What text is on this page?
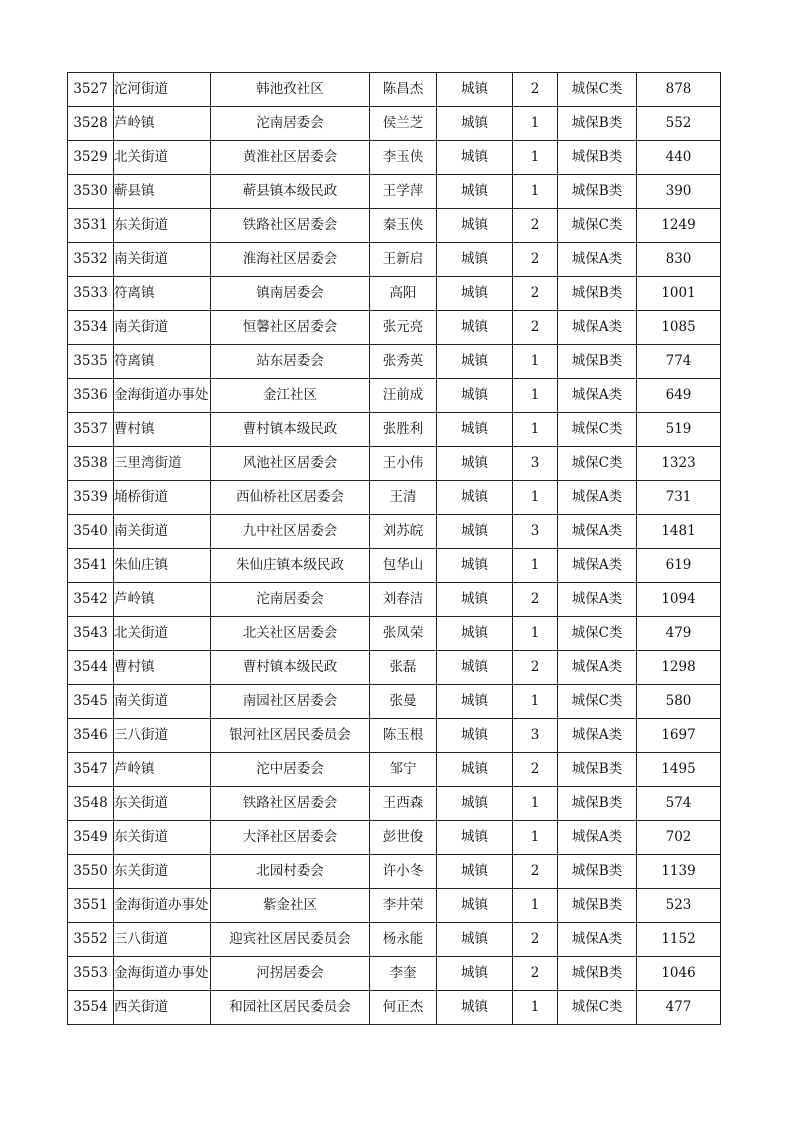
3527	沱河街道	韩池孜社区	陈昌杰	城镇	2	城保C类	878
3528	芦岭镇	沱南居委会	侯兰芝	城镇	1	城保B类	552
3529	北关街道	黄淮社区居委会	李玉侠	城镇	1	城保B类	440
3530	蕲县镇	蕲县镇本级民政	王学萍	城镇	1	城保B类	390
3531	东关街道	铁路社区居委会	秦玉侠	城镇	2	城保C类	1249
3532	南关街道	淮海社区居委会	王新启	城镇	2	城保A类	830
3533	符离镇	镇南居委会	高阳	城镇	2	城保B类	1001
3534	南关街道	恒馨社区居委会	张元亮	城镇	2	城保A类	1085
3535	符离镇	站东居委会	张秀英	城镇	1	城保B类	774
3536	金海街道办事处	金江社区	汪前成	城镇	1	城保A类	649
3537	曹村镇	曹村镇本级民政	张胜利	城镇	1	城保C类	519
3538	三里湾街道	风池社区居委会	王小伟	城镇	3	城保C类	1323
3539	埇桥街道	西仙桥社区居委会	王清	城镇	1	城保A类	731
3540	南关街道	九中社区居委会	刘苏皖	城镇	3	城保A类	1481
3541	朱仙庄镇	朱仙庄镇本级民政	包华山	城镇	1	城保A类	619
3542	芦岭镇	沱南居委会	刘春洁	城镇	2	城保A类	1094
3543	北关街道	北关社区居委会	张凤荣	城镇	1	城保C类	479
3544	曹村镇	曹村镇本级民政	张磊	城镇	2	城保A类	1298
3545	南关街道	南园社区居委会	张曼	城镇	1	城保C类	580
3546	三八街道	银河社区居民委员会	陈玉根	城镇	3	城保A类	1697
3547	芦岭镇	沱中居委会	邹宁	城镇	2	城保B类	1495
3548	东关街道	铁路社区居委会	王西森	城镇	1	城保B类	574
3549	东关街道	大泽社区居委会	彭世俊	城镇	1	城保A类	702
3550	东关街道	北园村委会	许小冬	城镇	2	城保B类	1139
3551	金海街道办事处	紫金社区	李井荣	城镇	1	城保B类	523
3552	三八街道	迎宾社区居民委员会	杨永能	城镇	2	城保A类	1152
3553	金海街道办事处	河拐居委会	李奎	城镇	2	城保B类	1046
3554	西关街道	和园社区居民委员会	何正杰	城镇	1	城保C类	477
